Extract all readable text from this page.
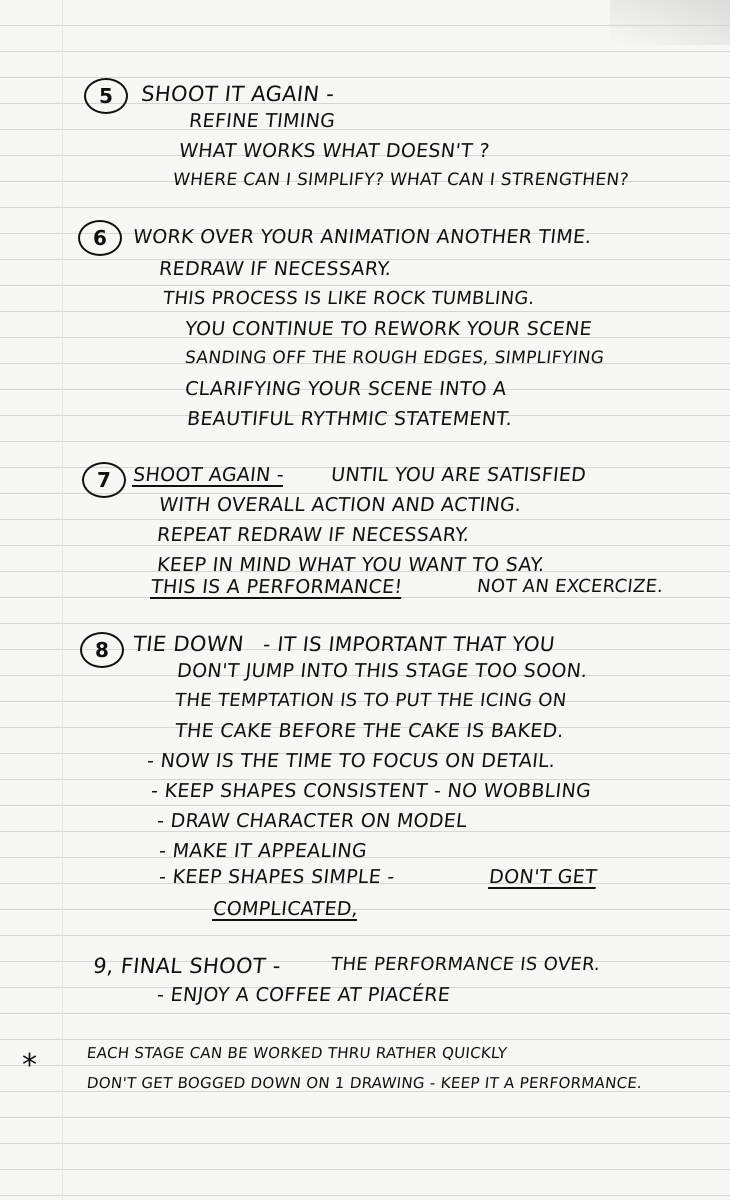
5	SHOOT IT AGAIN -
REFINE TIMING
WHAT WORKS WHAT DOESN'T ?
WHERE CAN I SIMPLIFY? WHAT CAN I STRENGTHEN?
6	WORK OVER YOUR ANIMATION ANOTHER TIME.
REDRAW IF NECESSARY.
THIS PROCESS IS LIKE ROCK TUMBLING.
YOU CONTINUE TO REWORK YOUR SCENE
SANDING OFF THE ROUGH EDGES, SIMPLIFYING
CLARIFYING YOUR SCENE INTO A
BEAUTIFUL RYTHMIC STATEMENT.
7	SHOOT AGAIN - UNTIL YOU ARE SATISFIED
WITH OVERALL ACTION AND ACTING.
REPEAT REDRAW IF NECESSARY.
KEEP IN MIND WHAT YOU WANT TO SAY.
THIS IS A PERFORMANCE!	NOT AN EXCERCIZE.
8	TIE DOWN - IT IS IMPORTANT THAT YOU
DON'T JUMP INTO THIS STAGE TOO SOON.
THE TEMPTATION IS TO PUT THE ICING ON
THE CAKE BEFORE THE CAKE IS BAKED.
- NOW IS THE TIME TO FOCUS ON DETAIL.
- KEEP SHAPES CONSISTENT - NO WOBBLING
- DRAW CHARACTER ON MODEL
- MAKE IT APPEALING
- KEEP SHAPES SIMPLE -	DON'T GET
COMPLICATED,
9, FINAL SHOOT -	THE PERFORMANCE IS OVER.
- ENJOY A COFFEE AT PIACÉRE
*	EACH STAGE CAN BE WORKED THRU RATHER QUICKLY
DON'T GET BOGGED DOWN ON 1 DRAWING - KEEP IT A PERFORMANCE.
